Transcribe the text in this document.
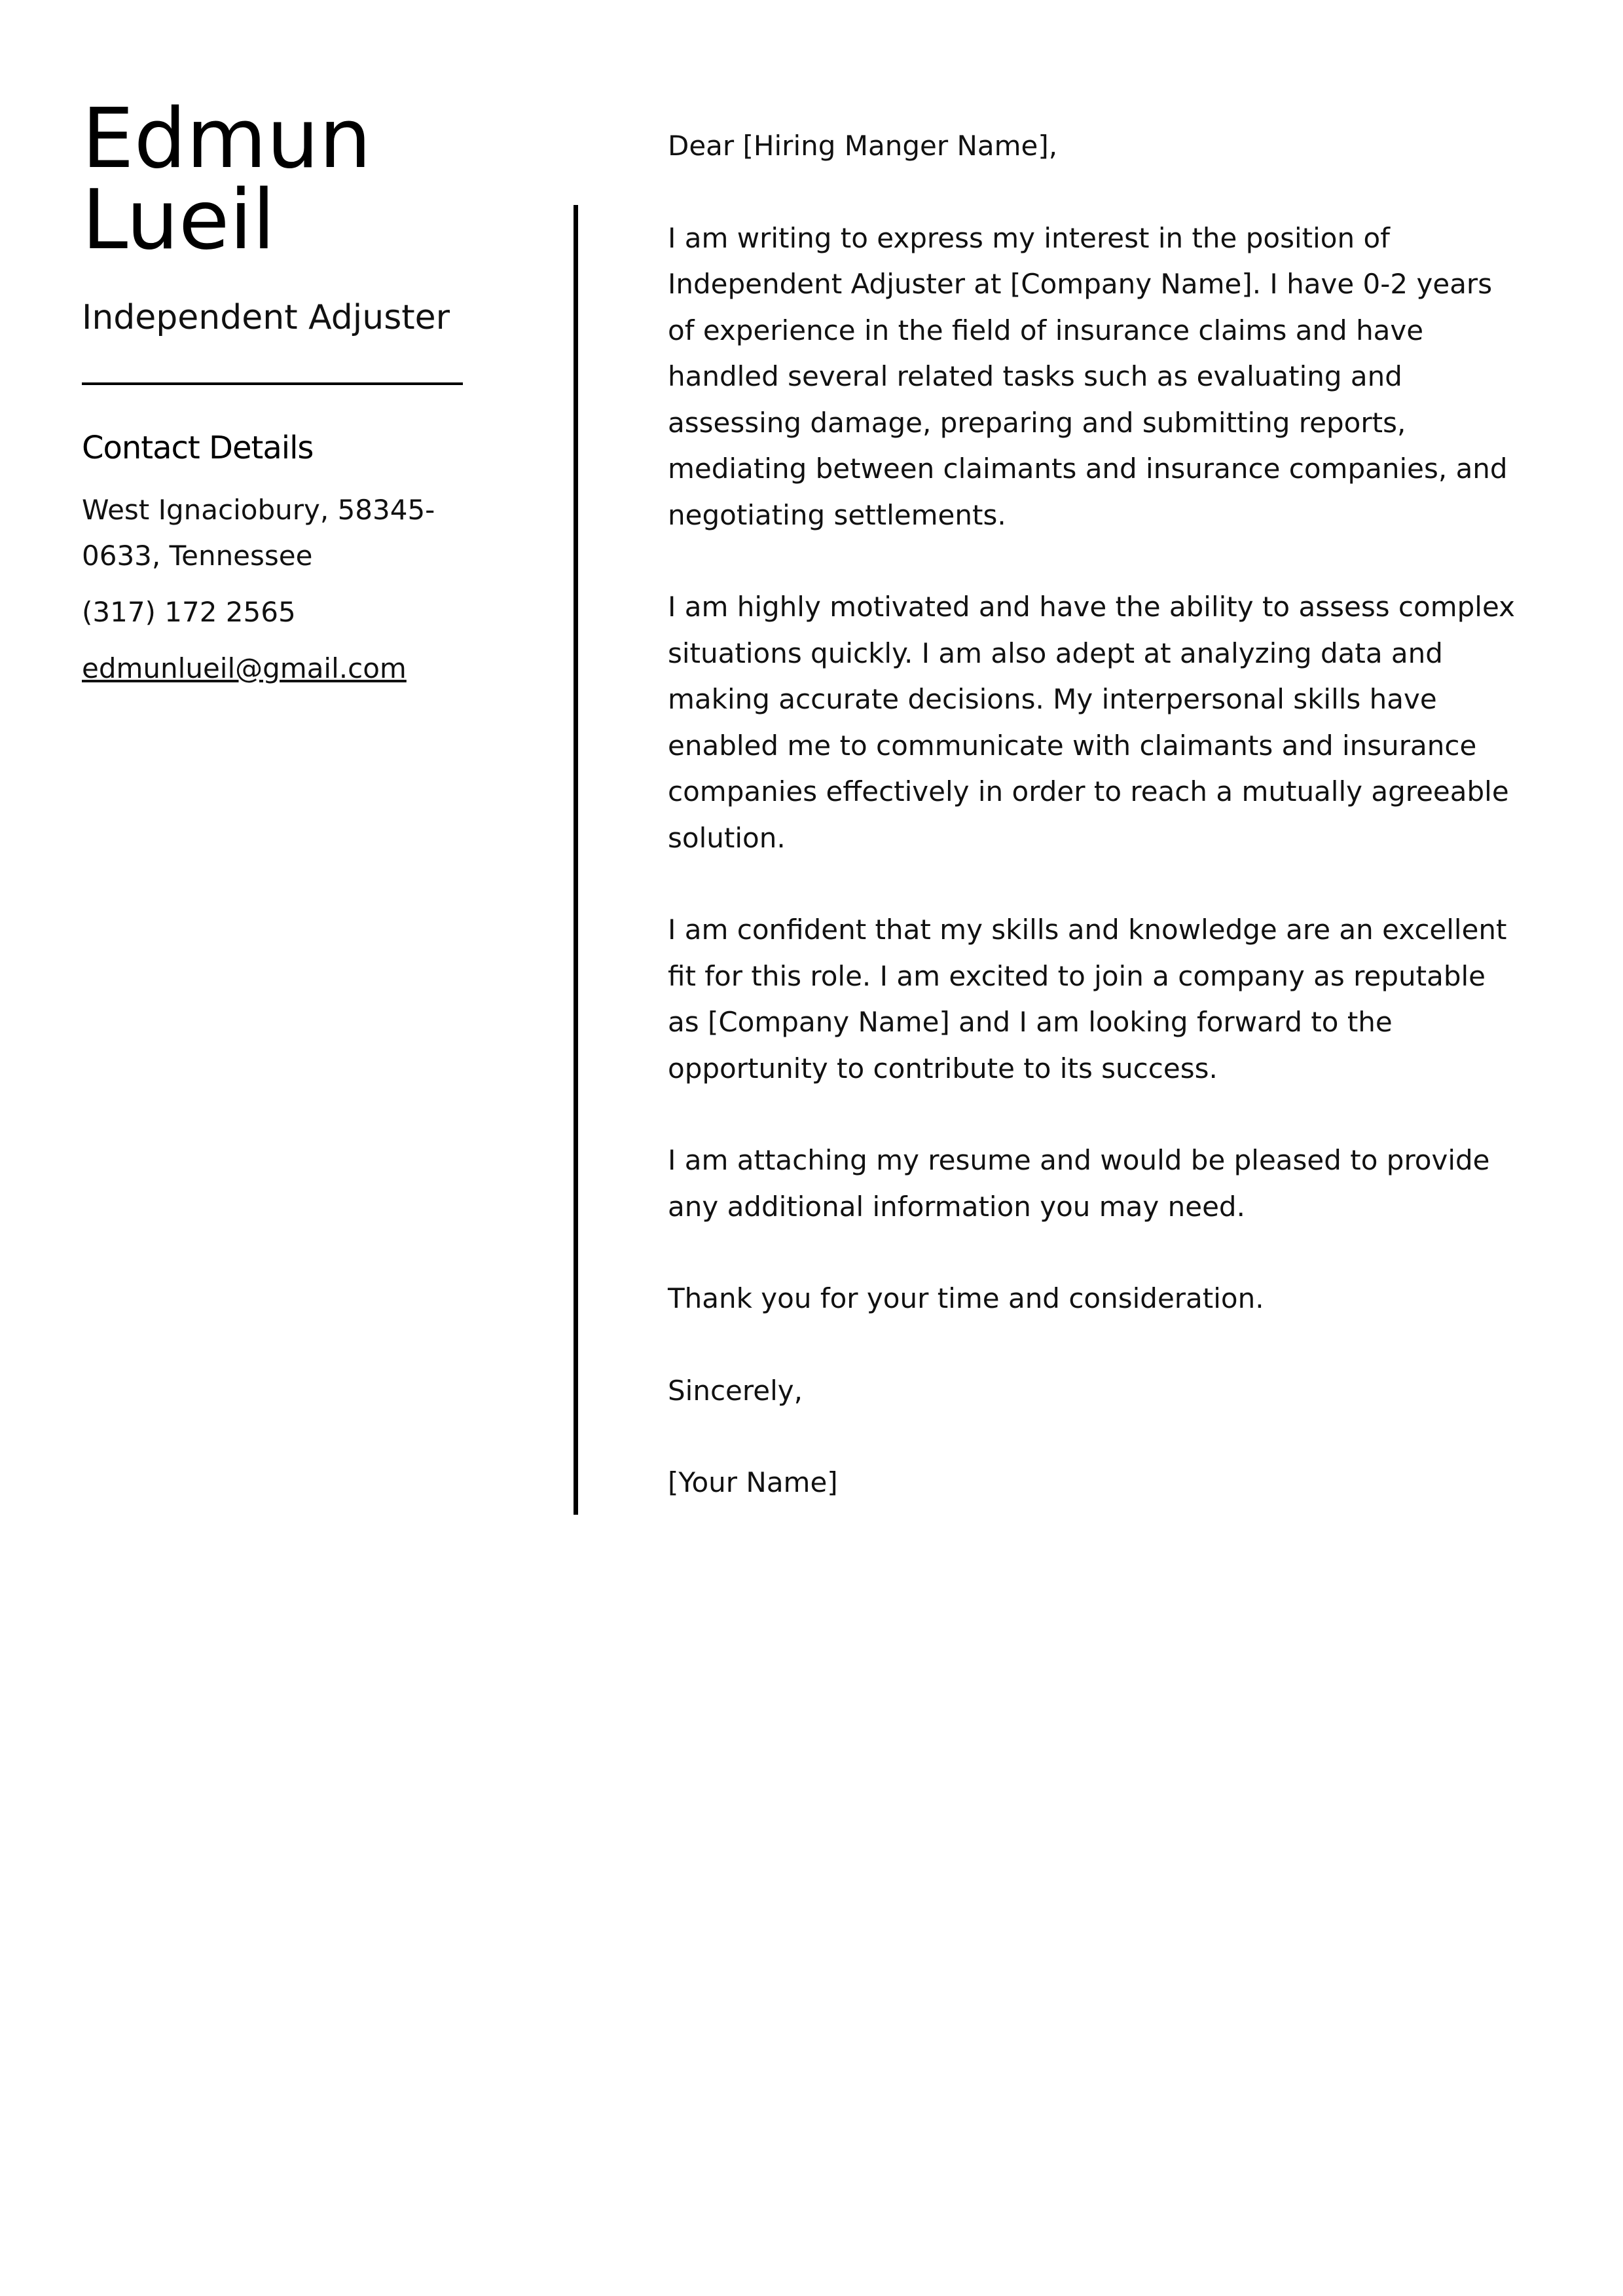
Edmun
Lueil
Independent Adjuster
Contact Details
West Ignaciobury, 58345-0633, Tennessee
(317) 172 2565
edmunlueil@gmail.com

Dear [Hiring Manger Name],

I am writing to express my interest in the position of Independent Adjuster at [Company Name]. I have 0-2 years of experience in the field of insurance claims and have handled several related tasks such as evaluating and assessing damage, preparing and submitting reports, mediating between claimants and insurance companies, and negotiating settlements.

I am highly motivated and have the ability to assess complex situations quickly. I am also adept at analyzing data and making accurate decisions. My interpersonal skills have enabled me to communicate with claimants and insurance companies effectively in order to reach a mutually agreeable solution.

I am confident that my skills and knowledge are an excellent fit for this role. I am excited to join a company as reputable as [Company Name] and I am looking forward to the opportunity to contribute to its success.

I am attaching my resume and would be pleased to provide any additional information you may need.

Thank you for your time and consideration.

Sincerely,

[Your Name]
